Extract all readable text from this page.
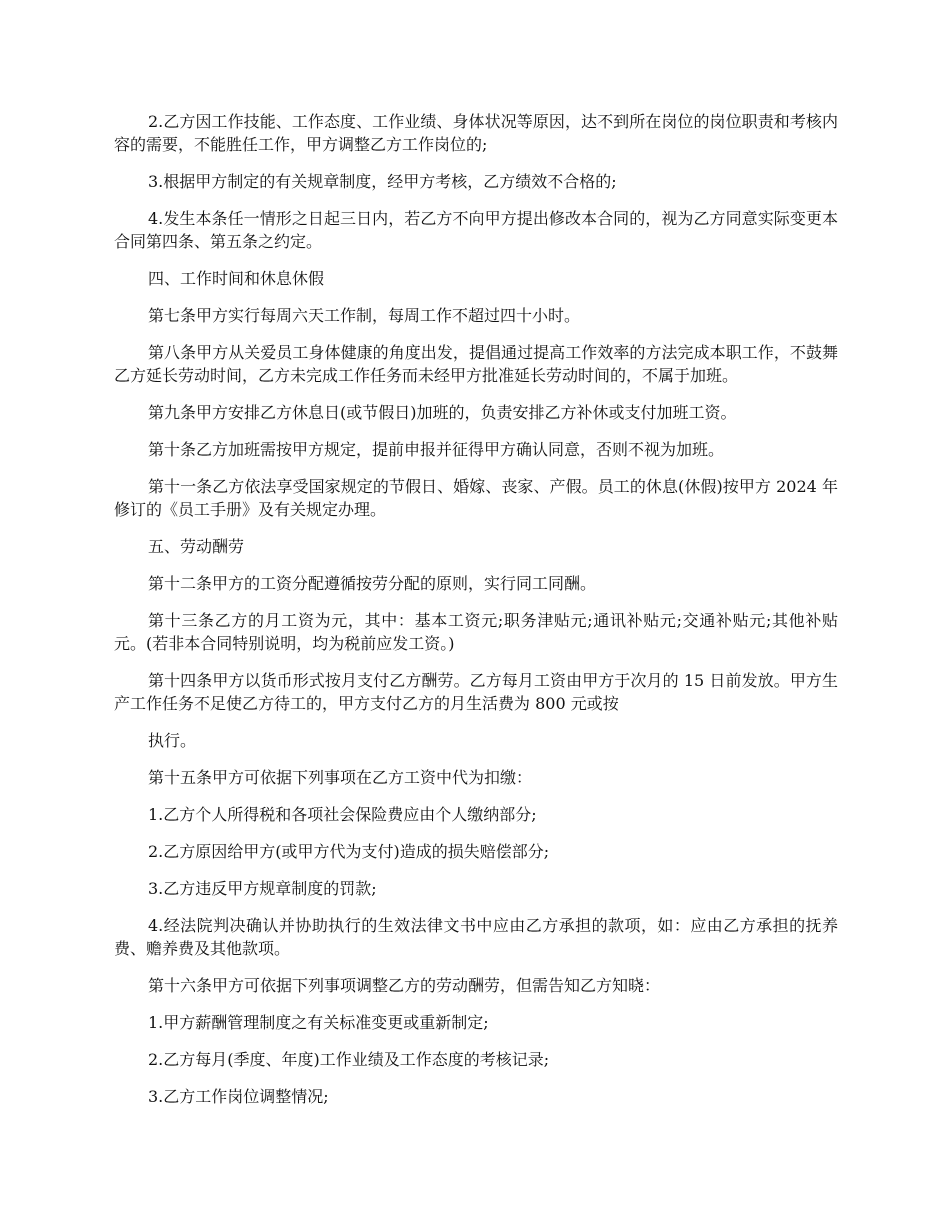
2.乙方因工作技能、工作态度、工作业绩、身体状况等原因，达不到所在岗位的岗位职责和考核内容的需要，不能胜任工作，甲方调整乙方工作岗位的;

3.根据甲方制定的有关规章制度，经甲方考核，乙方绩效不合格的;

4.发生本条任一情形之日起三日内，若乙方不向甲方提出修改本合同的，视为乙方同意实际变更本合同第四条、第五条之约定。

四、工作时间和休息休假

第七条甲方实行每周六天工作制，每周工作不超过四十小时。

第八条甲方从关爱员工身体健康的角度出发，提倡通过提高工作效率的方法完成本职工作，不鼓舞乙方延长劳动时间，乙方未完成工作任务而未经甲方批准延长劳动时间的，不属于加班。

第九条甲方安排乙方休息日(或节假日)加班的，负责安排乙方补休或支付加班工资。

第十条乙方加班需按甲方规定，提前申报并征得甲方确认同意，否则不视为加班。

第十一条乙方依法享受国家规定的节假日、婚嫁、丧家、产假。员工的休息(休假)按甲方 2024 年修订的《员工手册》及有关规定办理。

五、劳动酬劳

第十二条甲方的工资分配遵循按劳分配的原则，实行同工同酬。

第十三条乙方的月工资为元，其中：基本工资元;职务津贴元;通讯补贴元;交通补贴元;其他补贴元。(若非本合同特别说明，均为税前应发工资。)

第十四条甲方以货币形式按月支付乙方酬劳。乙方每月工资由甲方于次月的 15 日前发放。甲方生产工作任务不足使乙方待工的，甲方支付乙方的月生活费为 800 元或按

执行。

第十五条甲方可依据下列事项在乙方工资中代为扣缴：

1.乙方个人所得税和各项社会保险费应由个人缴纳部分;

2.乙方原因给甲方(或甲方代为支付)造成的损失赔偿部分;

3.乙方违反甲方规章制度的罚款;

4.经法院判决确认并协助执行的生效法律文书中应由乙方承担的款项，如：应由乙方承担的抚养费、赡养费及其他款项。

第十六条甲方可依据下列事项调整乙方的劳动酬劳，但需告知乙方知晓：

1.甲方薪酬管理制度之有关标准变更或重新制定;

2.乙方每月(季度、年度)工作业绩及工作态度的考核记录;

3.乙方工作岗位调整情况;
